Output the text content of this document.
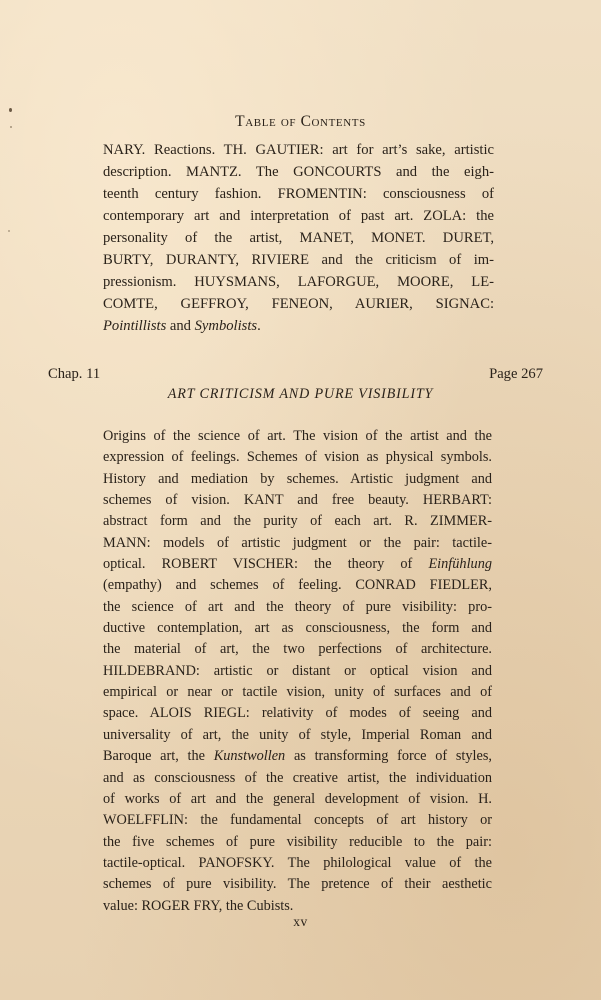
Table of Contents
NARY. Reactions. TH. GAUTIER: art for art’s sake, artistic
description. MANTZ. The GONCOURTS and the eigh-
teenth century fashion. FROMENTIN: consciousness of
contemporary art and interpretation of past art. ZOLA: the
personality of the artist, MANET, MONET. DURET,
BURTY, DURANTY, RIVIERE and the criticism of im-
pressionism. HUYSMANS, LAFORGUE, MOORE, LE-
COMTE, GEFFROY, FENEON, AURIER, SIGNAC:
Pointillists and Symbolists.
Chap. 11	Page 267
ART CRITICISM AND PURE VISIBILITY
Origins of the science of art. The vision of the artist and the
expression of feelings. Schemes of vision as physical symbols.
History and mediation by schemes. Artistic judgment and
schemes of vision. KANT and free beauty. HERBART:
abstract form and the purity of each art. R. ZIMMER-
MANN: models of artistic judgment or the pair: tactile-
optical. ROBERT VISCHER: the theory of Einfühlung
(empathy) and schemes of feeling. CONRAD FIEDLER,
the science of art and the theory of pure visibility: pro-
ductive contemplation, art as consciousness, the form and
the material of art, the two perfections of architecture.
HILDEBRAND: artistic or distant or optical vision and
empirical or near or tactile vision, unity of surfaces and of
space. ALOIS RIEGL: relativity of modes of seeing and
universality of art, the unity of style, Imperial Roman and
Baroque art, the Kunstwollen as transforming force of styles,
and as consciousness of the creative artist, the individuation
of works of art and the general development of vision. H.
WOELFFLIN: the fundamental concepts of art history or
the five schemes of pure visibility reducible to the pair:
tactile-optical. PANOFSKY. The philological value of the
schemes of pure visibility. The pretence of their aesthetic
value: ROGER FRY, the Cubists.
xv
